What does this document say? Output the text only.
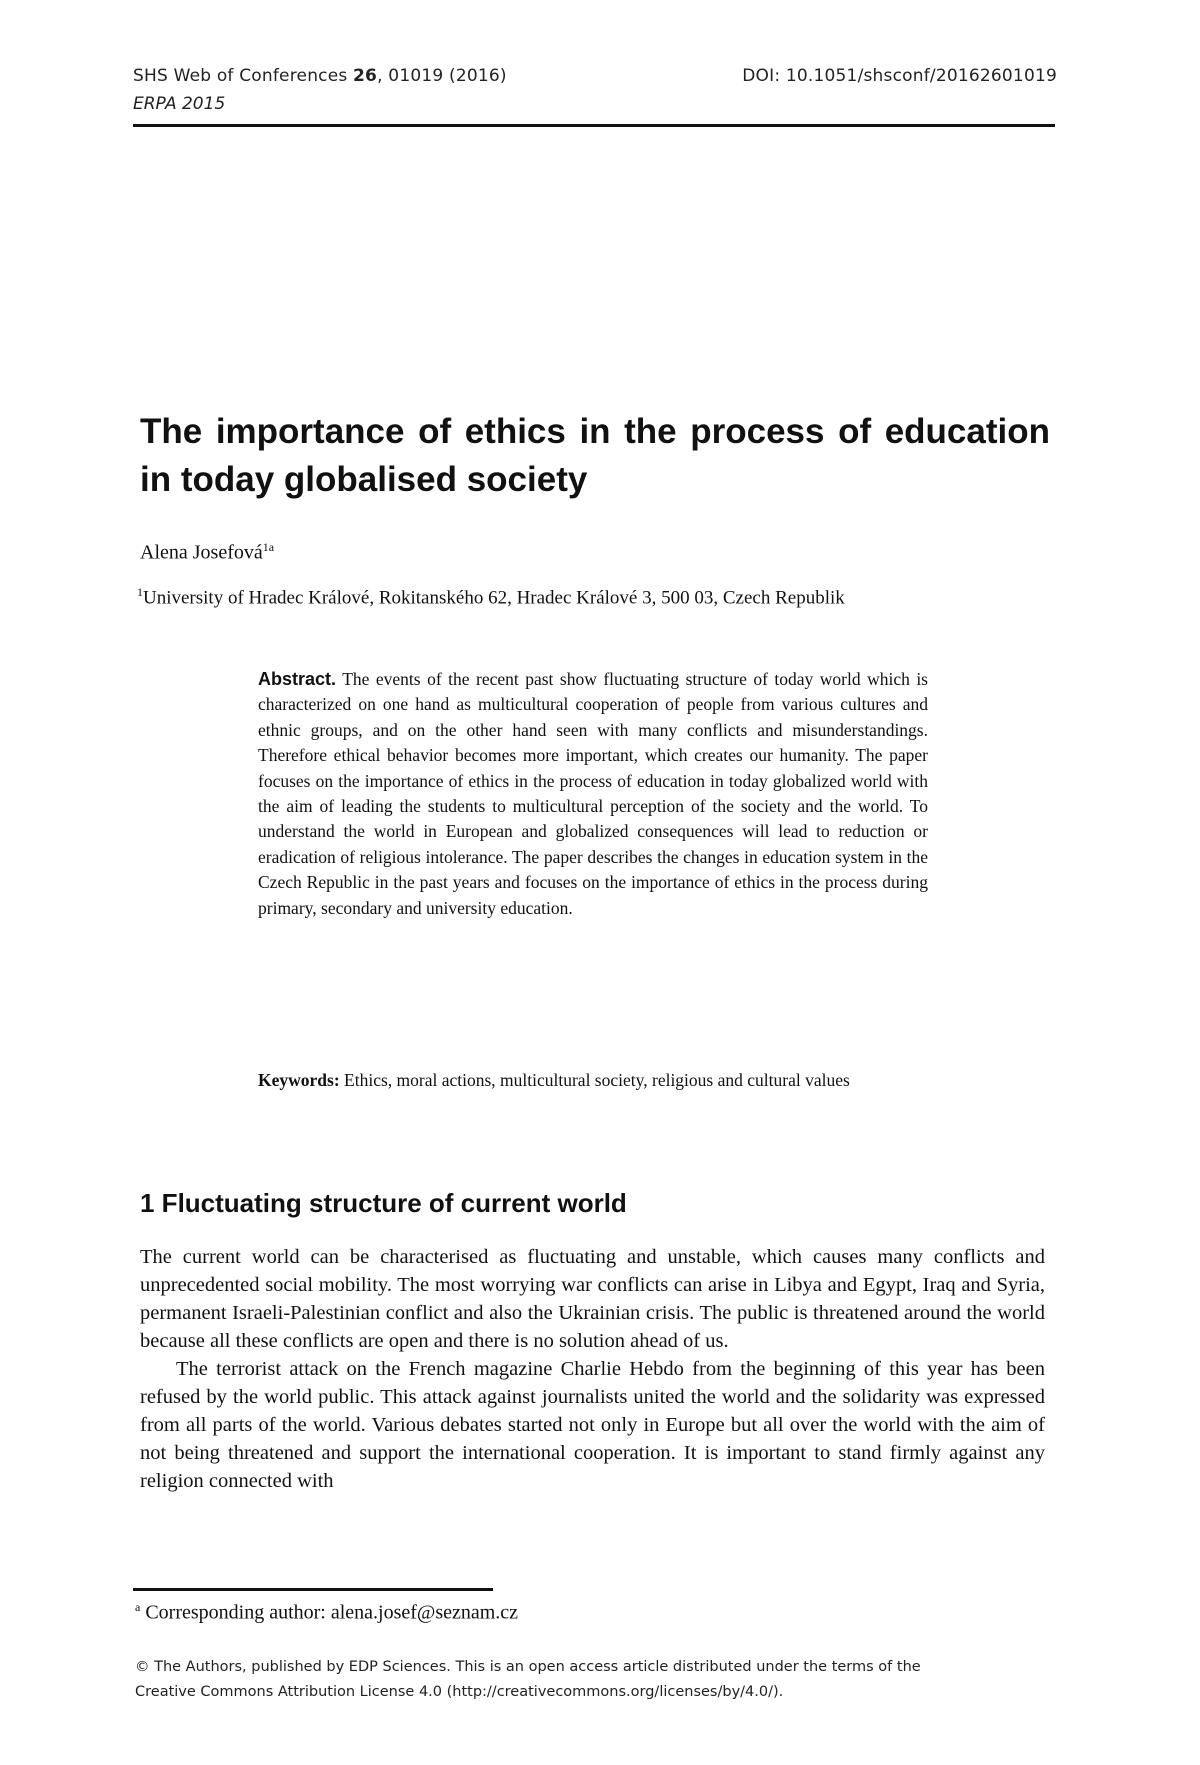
SHS Web of Conferences 26, 01019 (2016)
ERPA 2015
DOI: 10.1051/shsconf/20162601019
The importance of ethics in the process of education in today globalised society
Alena Josefová$^{1a}$
$^1$University of Hradec Králové, Rokitanského 62, Hradec Králové 3, 500 03, Czech Republik
Abstract. The events of the recent past show fluctuating structure of today world which is characterized on one hand as multicultural cooperation of people from various cultures and ethnic groups, and on the other hand seen with many conflicts and misunderstandings. Therefore ethical behavior becomes more important, which creates our humanity. The paper focuses on the importance of ethics in the process of education in today globalized world with the aim of leading the students to multicultural perception of the society and the world. To understand the world in European and globalized consequences will lead to reduction or eradication of religious intolerance. The paper describes the changes in education system in the Czech Republic in the past years and focuses on the importance of ethics in the process during primary, secondary and university education.
Keywords: Ethics, moral actions, multicultural society, religious and cultural values
1 Fluctuating structure of current world

The current world can be characterised as fluctuating and unstable, which causes many conflicts and unprecedented social mobility. The most worrying war conflicts can arise in Libya and Egypt, Iraq and Syria, permanent Israeli-Palestinian conflict and also the Ukrainian crisis. The public is threatened around the world because all these conflicts are open and there is no solution ahead of us.

The terrorist attack on the French magazine Charlie Hebdo from the beginning of this year has been refused by the world public. This attack against journalists united the world and the solidarity was expressed from all parts of the world. Various debates started not only in Europe but all over the world with the aim of not being threatened and support the international cooperation. It is important to stand firmly against any religion connected with

$^a$ Corresponding author: alena.josef@seznam.cz
© The Authors, published by EDP Sciences. This is an open access article distributed under the terms of the
Creative Commons Attribution License 4.0 (http://creativecommons.org/licenses/by/4.0/).
